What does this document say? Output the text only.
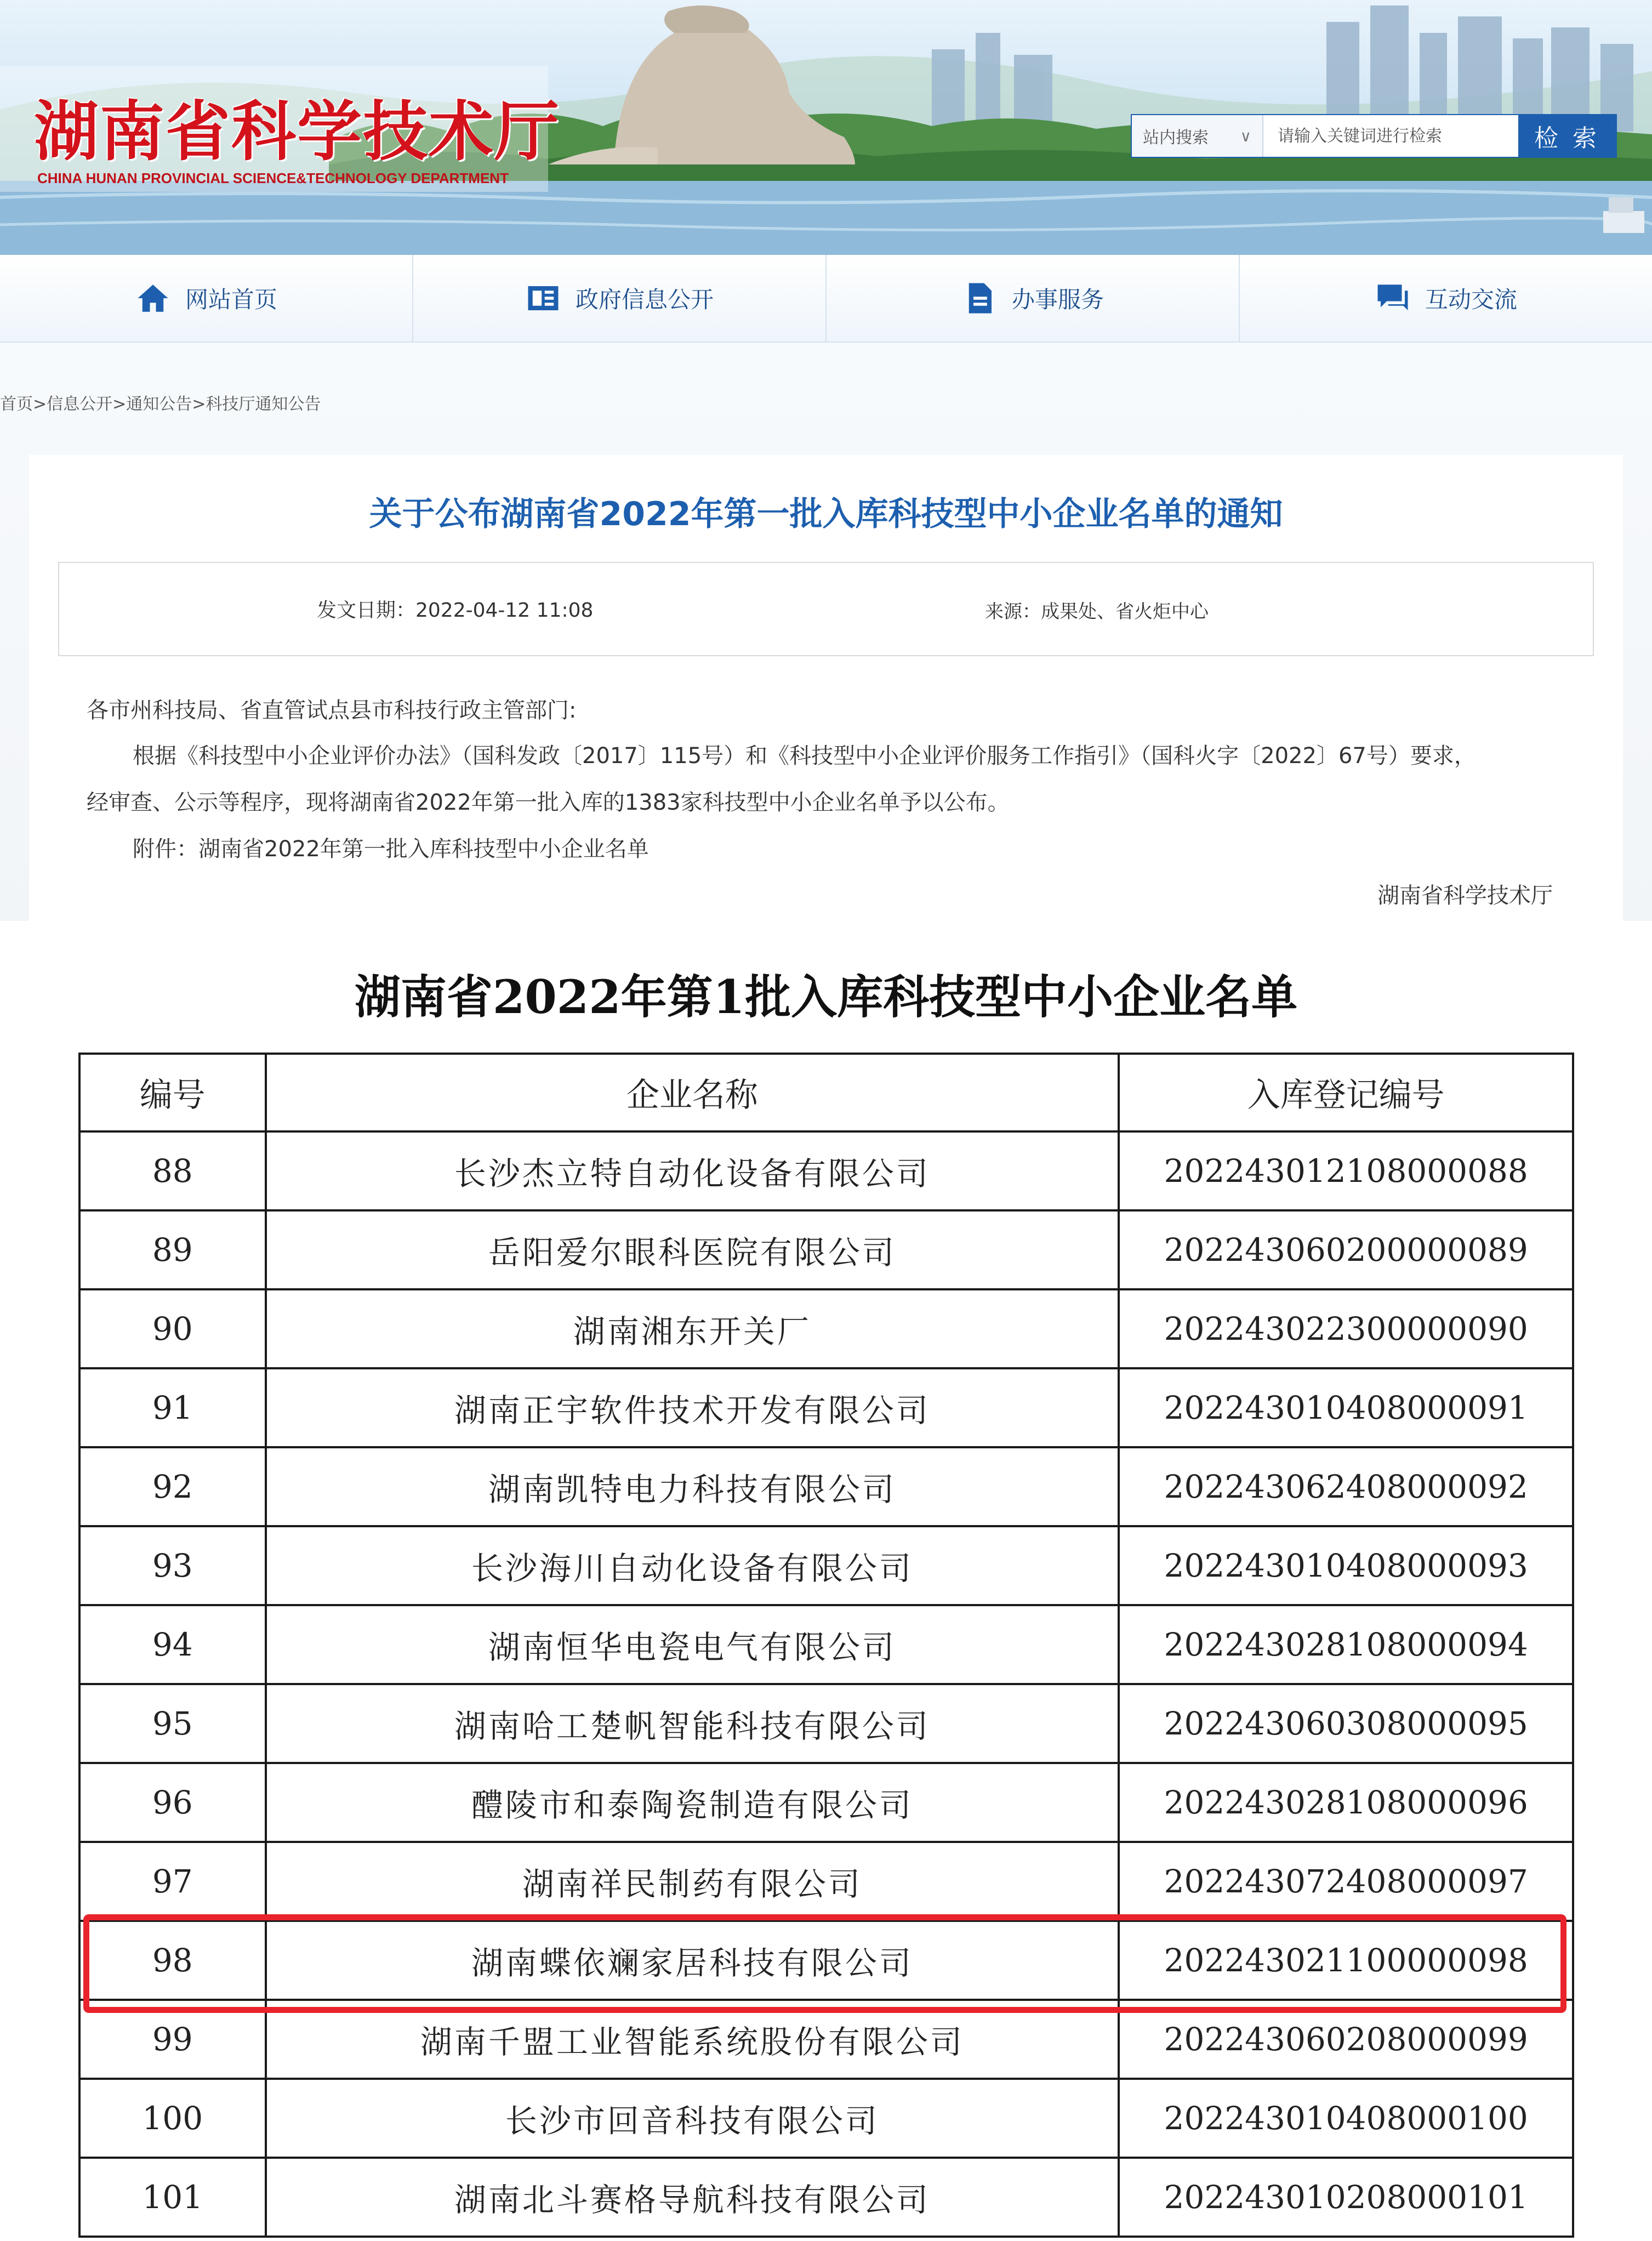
湖南省科学技术厅
CHINA HUNAN PROVINCIAL SCIENCE&TECHNOLOGY DEPARTMENT
站内搜索 ∨
请输入关键词进行检索	检 索
网站首页	政府信息公开	办事服务	互动交流
首页>信息公开>通知公告>科技厅通知公告
关于公布湖南省2022年第一批入库科技型中小企业名单的通知
发文日期：2022-04-12 11:08	来源：成果处、省火炬中心
各市州科技局、省直管试点县市科技行政主管部门:
根据《科技型中小企业评价办法》（国科发政〔2017〕115号）和《科技型中小企业评价服务工作指引》（国科火字〔2022〕67号）要求，
经审查、公示等程序，现将湖南省2022年第一批入库的1383家科技型中小企业名单予以公布。
附件：湖南省2022年第一批入库科技型中小企业名单
湖南省科学技术厅
湖南省2022年第1批入库科技型中小企业名单
编号	企业名称	入库登记编号
88	长沙杰立特自动化设备有限公司	202243012108000088
89	岳阳爱尔眼科医院有限公司	202243060200000089
90	湖南湘东开关厂	202243022300000090
91	湖南正宇软件技术开发有限公司	202243010408000091
92	湖南凯特电力科技有限公司	202243062408000092
93	长沙海川自动化设备有限公司	202243010408000093
94	湖南恒华电瓷电气有限公司	202243028108000094
95	湖南哈工楚帆智能科技有限公司	202243060308000095
96	醴陵市和泰陶瓷制造有限公司	202243028108000096
97	湖南祥民制药有限公司	202243072408000097
98	湖南蝶依斓家居科技有限公司	202243021100000098
99	湖南千盟工业智能系统股份有限公司	202243060208000099
100	长沙市回音科技有限公司	202243010408000100
101	湖南北斗赛格导航科技有限公司	202243010208000101
